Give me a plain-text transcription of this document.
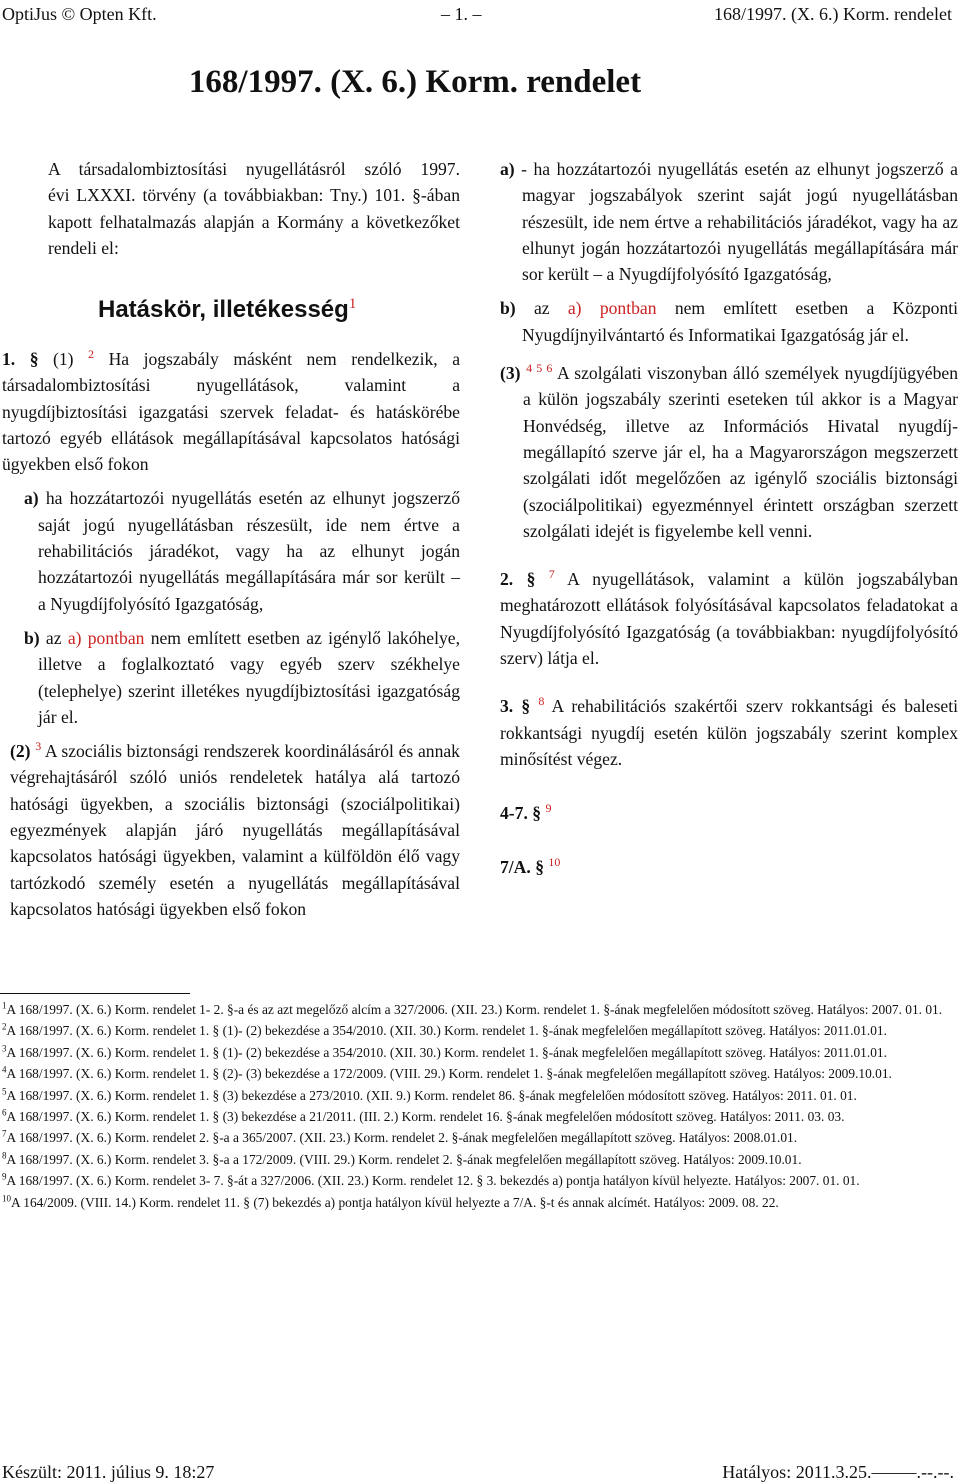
OptiJus © Opten Kft.	– 1. –	168/1997. (X. 6.) Korm. rendelet
168/1997. (X. 6.) Korm. rendelet

A társadalombiztosítási nyugellátásról szóló 1997.

évi LXXXI. törvény (a továbbiakban: Tny.) 101. §-ában kapott felhatalmazás alapján a Kormány a következőket rendeli el:

Hatáskör, illetékesség$^1$

1. § (1) $^2$ Ha jogszabály másként nem rendelkezik, a társadalombiztosítási nyugellátások, valamint a nyugdíjbiztosítási igazgatási szervek feladat- és hatáskörébe tartozó egyéb ellátások megállapításával kapcsolatos hatósági ügyekben első fokon

a) ha hozzátartozói nyugellátás esetén az elhunyt jogszerző saját jogú nyugellátásban részesült, ide nem értve a rehabilitációs járadékot, vagy ha az elhunyt jogán hozzátartozói nyugellátás megállapítására már sor került – a Nyugdíjfolyósító Igazgatóság,

b) az a) pontban nem említett esetben az igénylő lakóhelye, illetve a foglalkoztató vagy egyéb szerv székhelye (telephelye) szerint illetékes nyugdíjbiztosítási igazgatóság jár el.

(2) $^3$ A szociális biztonsági rendszerek koordinálásáról és annak végrehajtásáról szóló uniós rendeletek hatálya alá tartozó hatósági ügyekben, a szociális biztonsági (szociálpolitikai) egyezmények alapján járó nyugellátás megállapításával kapcsolatos hatósági ügyekben, valamint a külföldön élő vagy tartózkodó személy esetén a nyugellátás megállapításával kapcsolatos hatósági ügyekben első fokon

a) - ha hozzátartozói nyugellátás esetén az elhunyt jogszerző a magyar jogszabályok szerint saját jogú nyugellátásban részesült, ide nem értve a rehabilitációs járadékot, vagy ha az elhunyt jogán hozzátartozói nyugellátás megállapítására már sor került – a Nyugdíjfolyósító Igazgatóság,

b) az a) pontban nem említett esetben a Központi Nyugdíjnyilvántartó és Informatikai Igazgatóság jár el.

(3) $^{4 5 6}$ A szolgálati viszonyban álló személyek nyugdíjügyében a külön jogszabály szerinti eseteken túl akkor is a Magyar Honvédség, illetve az Információs Hivatal nyugdíj-megállapító szerve jár el, ha a Magyarországon megszerzett szolgálati időt megelőzően az igénylő szociális biztonsági (szociálpolitikai) egyezménnyel érintett országban szerzett szolgálati idejét is figyelembe kell venni.

2. § $^7$ A nyugellátások, valamint a külön jogszabályban meghatározott ellátások folyósításával kapcsolatos feladatokat a Nyugdíjfolyósító Igazgatóság (a továbbiakban: nyugdíjfolyósító szerv) látja el.

3. § $^8$ A rehabilitációs szakértői szerv rokkantsági és baleseti rokkantsági nyugdíj esetén külön jogszabály szerint komplex minősítést végez.

4-7. § $^9$

7/A. § $^{10}$

$^1$A 168/1997. (X. 6.) Korm. rendelet 1- 2. §-a és az azt megelőző alcím a 327/2006. (XII. 23.) Korm. rendelet 1. §-ának megfelelően módosított szöveg. Hatályos: 2007. 01. 01.

$^2$A 168/1997. (X. 6.) Korm. rendelet 1. § (1)- (2) bekezdése a 354/2010. (XII. 30.) Korm. rendelet 1. §-ának megfelelően megállapított szöveg. Hatályos: 2011.01.01.

$^3$A 168/1997. (X. 6.) Korm. rendelet 1. § (1)- (2) bekezdése a 354/2010. (XII. 30.) Korm. rendelet 1. §-ának megfelelően megállapított szöveg. Hatályos: 2011.01.01.

$^4$A 168/1997. (X. 6.) Korm. rendelet 1. § (2)- (3) bekezdése a 172/2009. (VIII. 29.) Korm. rendelet 1. §-ának megfelelően megállapított szöveg. Hatályos: 2009.10.01.

$^5$A 168/1997. (X. 6.) Korm. rendelet 1. § (3) bekezdése a 273/2010. (XII. 9.) Korm. rendelet 86. §-ának megfelelően módosított szöveg. Hatályos: 2011. 01. 01.

$^6$A 168/1997. (X. 6.) Korm. rendelet 1. § (3) bekezdése a 21/2011. (III. 2.) Korm. rendelet 16. §-ának megfelelően módosított szöveg. Hatályos: 2011. 03. 03.

$^7$A 168/1997. (X. 6.) Korm. rendelet 2. §-a a 365/2007. (XII. 23.) Korm. rendelet 2. §-ának megfelelően megállapított szöveg. Hatályos: 2008.01.01.

$^8$A 168/1997. (X. 6.) Korm. rendelet 3. §-a a 172/2009. (VIII. 29.) Korm. rendelet 2. §-ának megfelelően megállapított szöveg. Hatályos: 2009.10.01.

$^9$A 168/1997. (X. 6.) Korm. rendelet 3- 7. §-át a 327/2006. (XII. 23.) Korm. rendelet 12. § 3. bekezdés a) pontja hatályon kívül helyezte. Hatályos: 2007. 01. 01.

$^{10}$A 164/2009. (VIII. 14.) Korm. rendelet 11. § (7) bekezdés a) pontja hatályon kívül helyezte a 7/A. §-t és annak alcímét. Hatályos: 2009. 08. 22.

Készült: 2011. július 9. 18:27	Hatályos: 2011.3.25.–––––.--.--.
